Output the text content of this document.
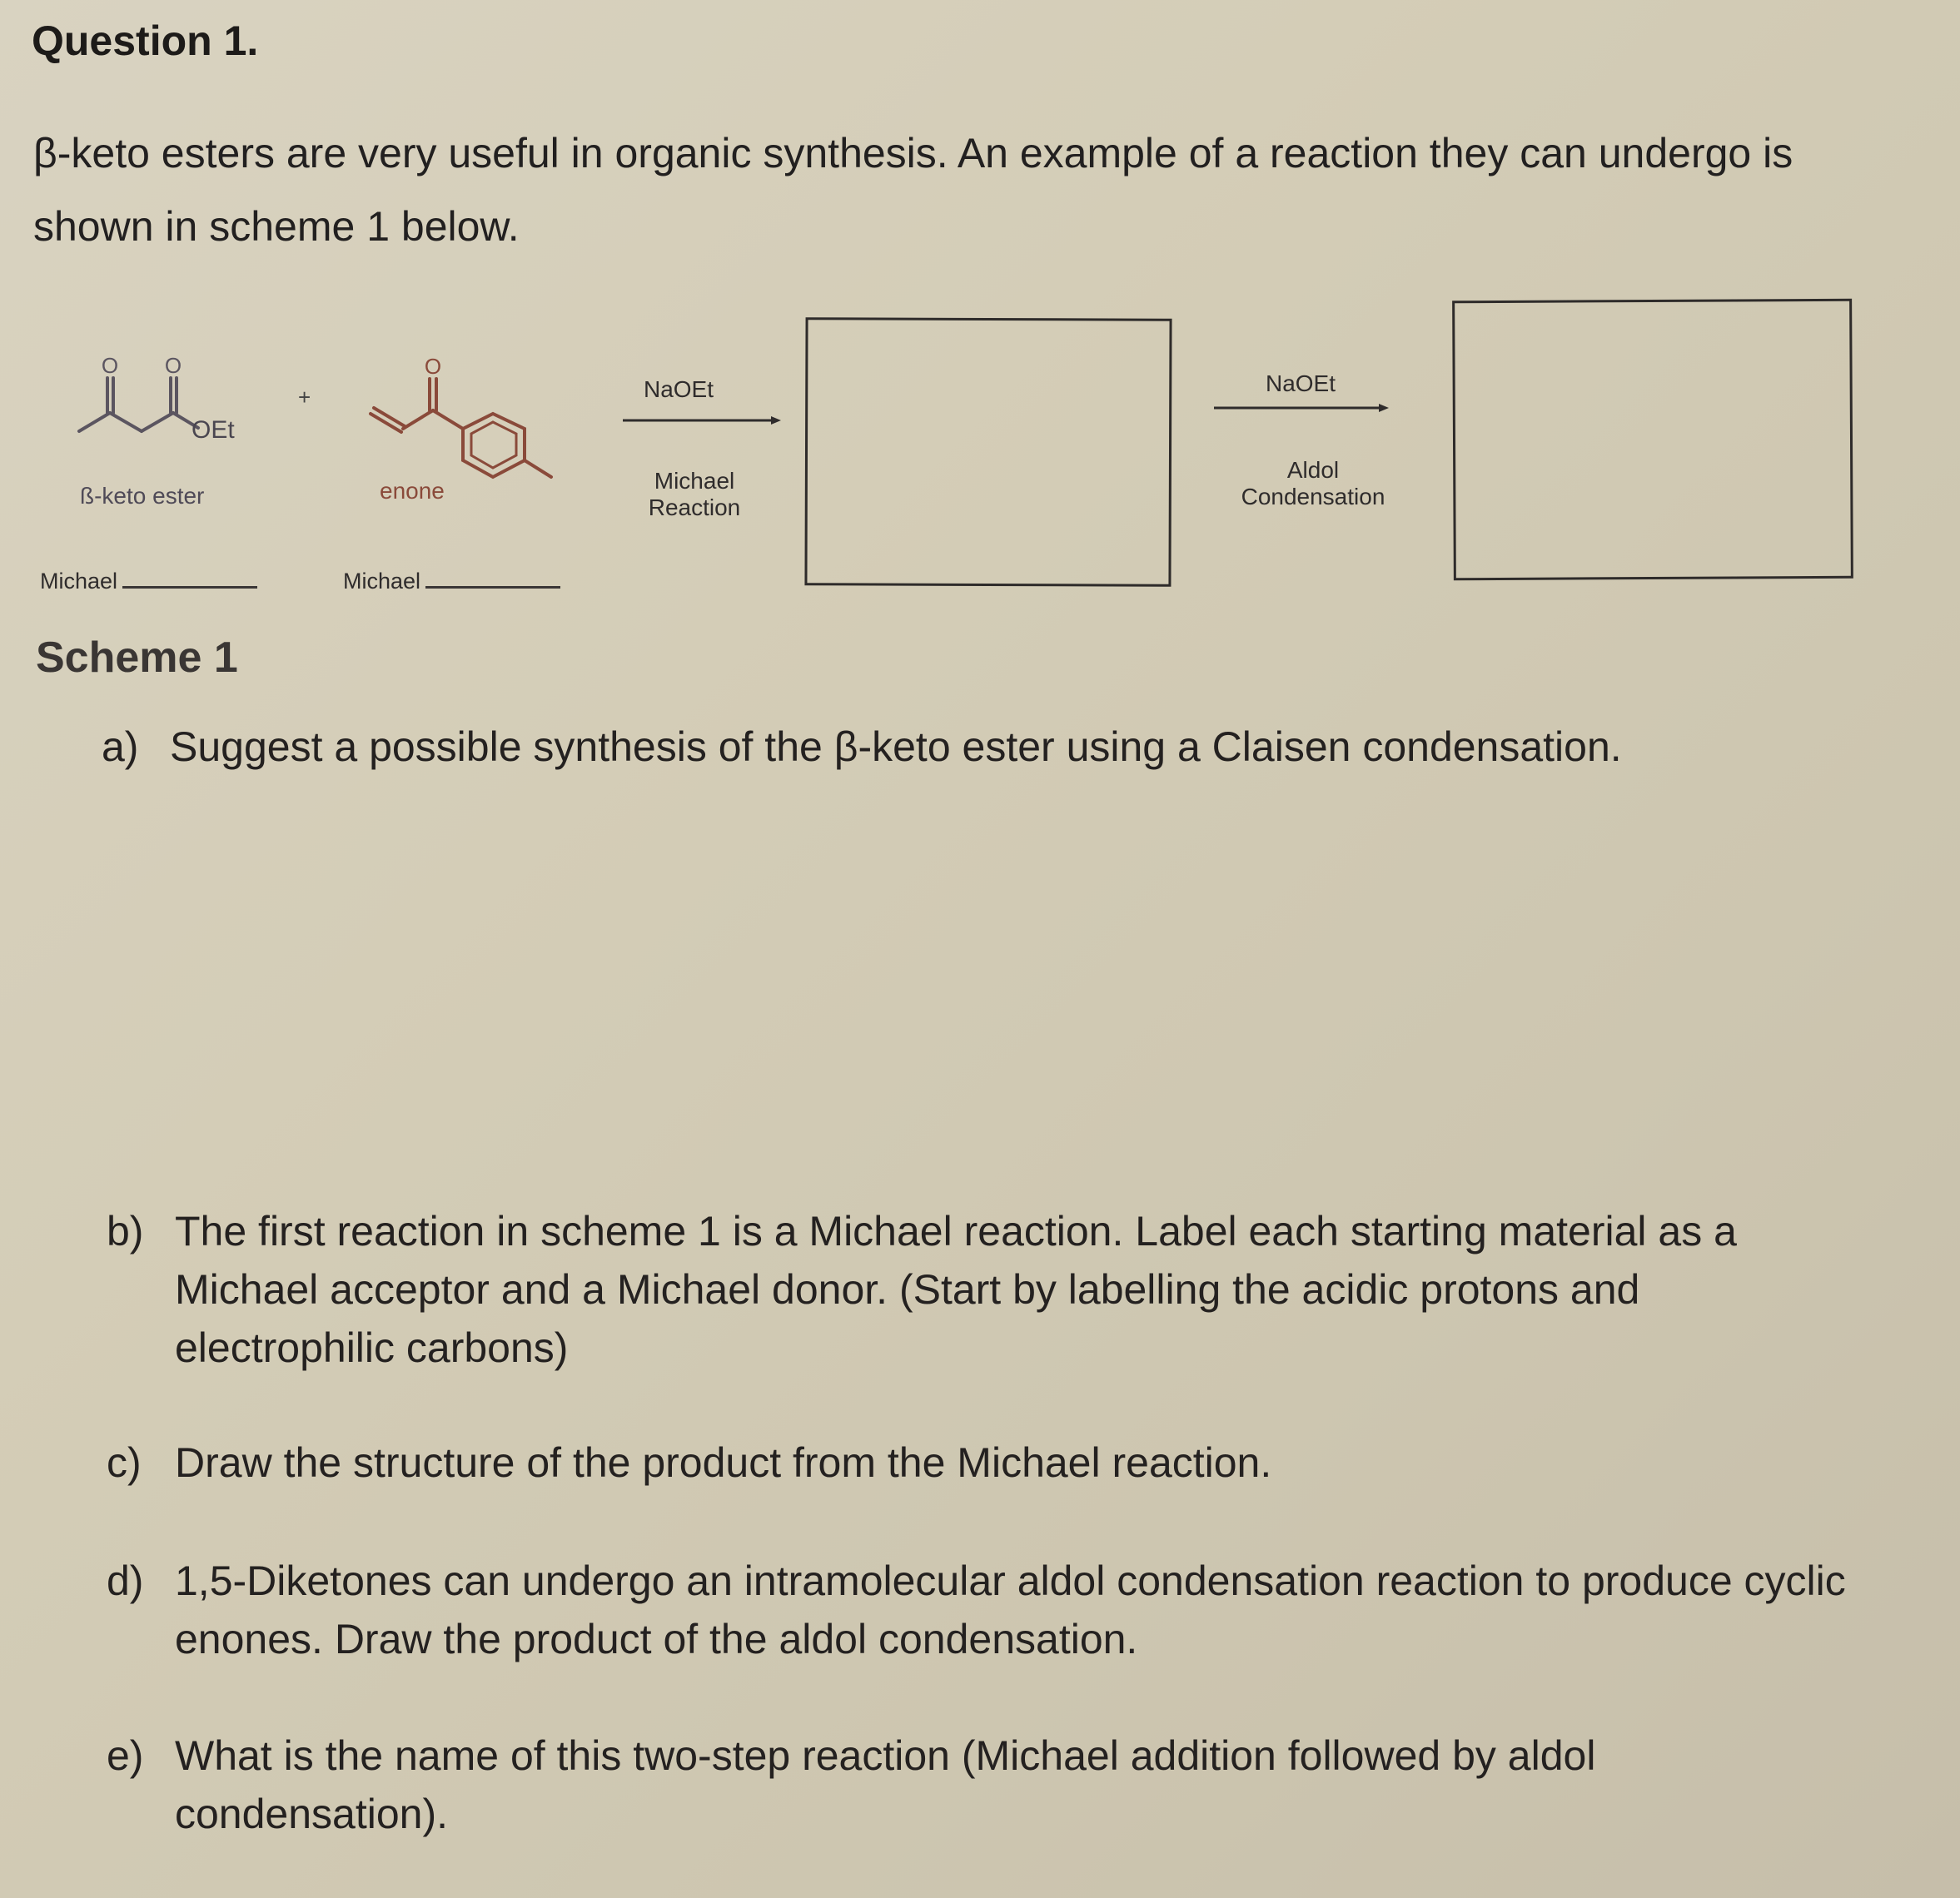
Question 1.
β-keto esters are very useful in organic synthesis. An example of a reaction they can undergo is shown in scheme 1 below.
O O
OEt
ß-keto ester
+
O
enone
Michael	Michael
NaOEt
Michael
Reaction
NaOEt
Aldol
Condensation
Scheme 1
a) Suggest a possible synthesis of the β-keto ester using a Claisen condensation.
b) The first reaction in scheme 1 is a Michael reaction. Label each starting material as a Michael acceptor and a Michael donor. (Start by labelling the acidic protons and electrophilic carbons)
c) Draw the structure of the product from the Michael reaction.
d) 1,5-Diketones can undergo an intramolecular aldol condensation reaction to produce cyclic enones. Draw the product of the aldol condensation.
e) What is the name of this two-step reaction (Michael addition followed by aldol condensation).
